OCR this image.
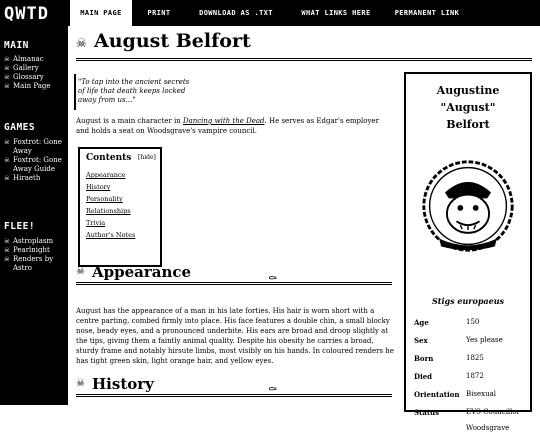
QWTD
MAIN
☠ Almanac
☠ Gallery
☠ Glossary
☠ Main Page
GAMES
☠ Foxtrot: Gone Away
☠ Foxtrot: Gone Away Guide
☠ Hiraeth
FLEE!
☠ Astroplasm
☠ Pearlnight
☠ Renders by Astro
MAIN PAGE	PRINT	DOWNLOAD AS .TXT	WHAT LINKS HERE	PERMANENT LINK
☠ August Belfort
"To tap into the ancient secrets of life that death keeps locked away from us..."

August is a main character in Dancing with the Dead. He serves as Edgar's employer and holds a seat on Woodsgrave's vampire council.

Contents	[hide]
Appearance
History
Personality
Relationships
Trivia
Author's Notes
☠ Appearance	⚰

August has the appearance of a man in his late forties. His hair is worn short with a centre parting, combed firmly into place. His face features a double chin, a small blocky nose, beady eyes, and a pronounced underbite. His ears are broad and droop slightly at the tips, giving them a faintly animal quality. Despite his obesity he carries a broad, sturdy frame and notably hirsute limbs, most visibly on his hands. In coloured renders he has tight green skin, light orange hair, and yellow eyes.

☠ History	⚰
Augustine
"August"
Belfort
Stigs europaeus
Age	150
Sex	Yes please
Born	1825
Died	1872
Orientation Bisexual
Status	EVS Councillor
Woodsgrave
